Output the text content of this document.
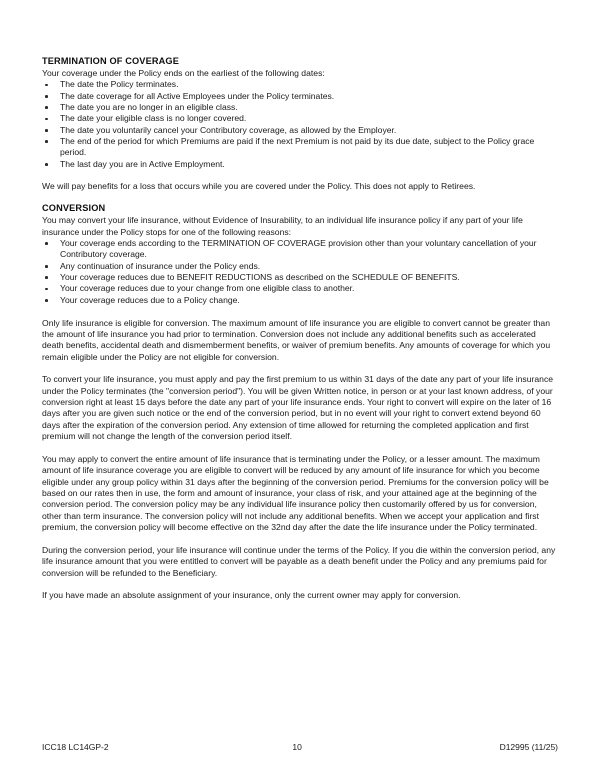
TERMINATION OF COVERAGE

Your coverage under the Policy ends on the earliest of the following dates:

The date the Policy terminates.
The date coverage for all Active Employees under the Policy terminates.
The date you are no longer in an eligible class.
The date your eligible class is no longer covered.
The date you voluntarily cancel your Contributory coverage, as allowed by the Employer.
The end of the period for which Premiums are paid if the next Premium is not paid by its due date, subject to the Policy grace period.
The last day you are in Active Employment.

We will pay benefits for a loss that occurs while you are covered under the Policy. This does not apply to Retirees.

CONVERSION

You may convert your life insurance, without Evidence of Insurability, to an individual life insurance policy if any part of your life insurance under the Policy stops for one of the following reasons:

Your coverage ends according to the TERMINATION OF COVERAGE provision other than your voluntary cancellation of your Contributory coverage.
Any continuation of insurance under the Policy ends.
Your coverage reduces due to BENEFIT REDUCTIONS as described on the SCHEDULE OF BENEFITS.
Your coverage reduces due to your change from one eligible class to another.
Your coverage reduces due to a Policy change.

Only life insurance is eligible for conversion. The maximum amount of life insurance you are eligible to convert cannot be greater than the amount of life insurance you had prior to termination. Conversion does not include any additional benefits such as accelerated death benefits, accidental death and dismemberment benefits, or waiver of premium benefits. Any amounts of coverage for which you remain eligible under the Policy are not eligible for conversion.

To convert your life insurance, you must apply and pay the first premium to us within 31 days of the date any part of your life insurance under the Policy terminates (the "conversion period"). You will be given Written notice, in person or at your last known address, of your conversion right at least 15 days before the date any part of your life insurance ends. Your right to convert will expire on the later of 16 days after you are given such notice or the end of the conversion period, but in no event will your right to convert extend beyond 60 days after the expiration of the conversion period. Any extension of time allowed for returning the completed application and first premium will not change the length of the conversion period itself.

You may apply to convert the entire amount of life insurance that is terminating under the Policy, or a lesser amount. The maximum amount of life insurance coverage you are eligible to convert will be reduced by any amount of life insurance for which you become eligible under any group policy within 31 days after the beginning of the conversion period. Premiums for the conversion policy will be based on our rates then in use, the form and amount of insurance, your class of risk, and your attained age at the beginning of the conversion period. The conversion policy may be any individual life insurance policy then customarily offered by us for conversion, other than term insurance. The conversion policy will not include any additional benefits. When we accept your application and first premium, the conversion policy will become effective on the 32nd day after the date the life insurance under the Policy terminated.

During the conversion period, your life insurance will continue under the terms of the Policy. If you die within the conversion period, any life insurance amount that you were entitled to convert will be payable as a death benefit under the Policy and any premiums paid for conversion will be refunded to the Beneficiary.

If you have made an absolute assignment of your insurance, only the current owner may apply for conversion.

ICC18 LC14GP-2	10	D12995 (11/25)
